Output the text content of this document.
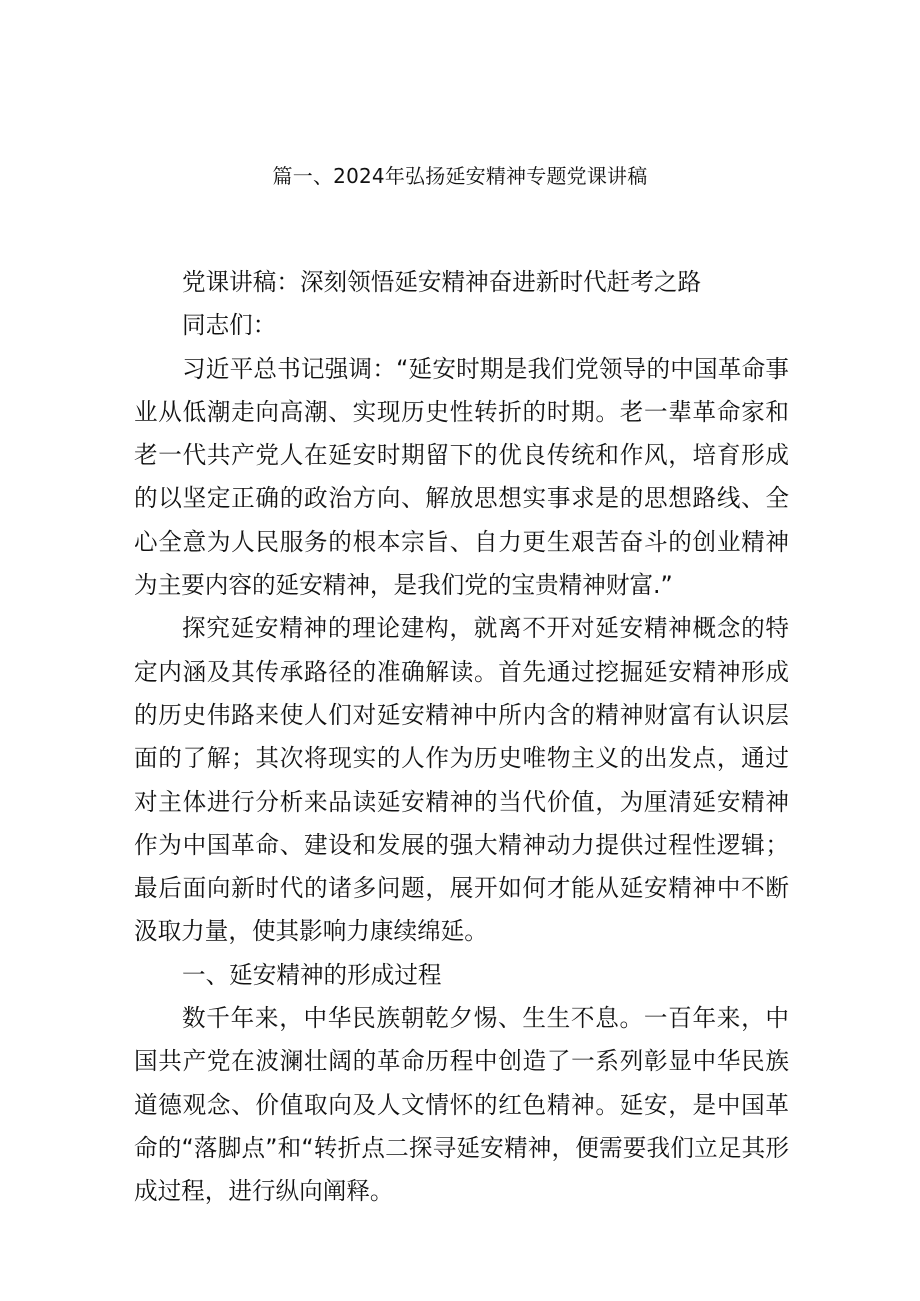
篇一、2024年弘扬延安精神专题党课讲稿

党课讲稿：深刻领悟延安精神奋进新时代赶考之路

同志们：

习近平总书记强调：“延安时期是我们党领导的中国革命事业从低潮走向高潮、实现历史性转折的时期。老一辈革命家和老一代共产党人在延安时期留下的优良传统和作风，培育形成的以坚定正确的政治方向、解放思想实事求是的思想路线、全心全意为人民服务的根本宗旨、自力更生艰苦奋斗的创业精神为主要内容的延安精神，是我们党的宝贵精神财富.”

探究延安精神的理论建构，就离不开对延安精神概念的特定内涵及其传承路径的准确解读。首先通过挖掘延安精神形成的历史伟路来使人们对延安精神中所内含的精神财富有认识层面的了解；其次将现实的人作为历史唯物主义的出发点，通过对主体进行分析来品读延安精神的当代价值，为厘清延安精神作为中国革命、建设和发展的强大精神动力提供过程性逻辑；最后面向新时代的诸多问题，展开如何才能从延安精神中不断汲取力量，使其影响力康续绵延。

一、延安精神的形成过程

数千年来，中华民族朝乾夕惕、生生不息。一百年来，中国共产党在波澜壮阔的革命历程中创造了一系列彰显中华民族道德观念、价值取向及人文情怀的红色精神。延安，是中国革命的“落脚点”和“转折点二探寻延安精神，便需要我们立足其形成过程，进行纵向阐释。
